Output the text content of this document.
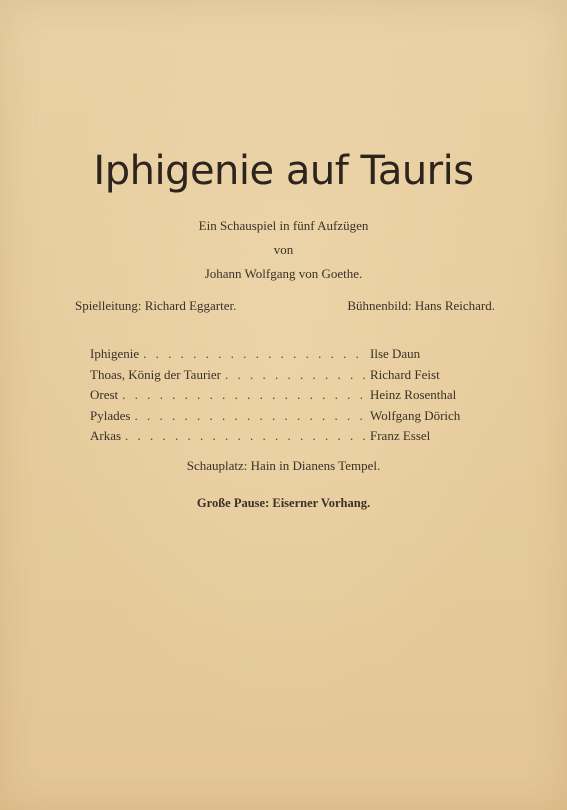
Iphigenie auf Tauris
Ein Schauspiel in fünf Aufzügen
von
Johann Wolfgang von Goethe.
Spielleitung: Richard Eggarter.	Bühnenbild: Hans Reichard.
Iphigenie . . .	Ilse Daun
Thoas, König der Taurier . . .	Richard Feist
Orest . . .	Heinz Rosenthal
Pylades . . .	Wolfgang Dörich
Arkas . . .	Franz Essel
Schauplatz: Hain in Dianens Tempel.
Große Pause: Eiserner Vorhang.
